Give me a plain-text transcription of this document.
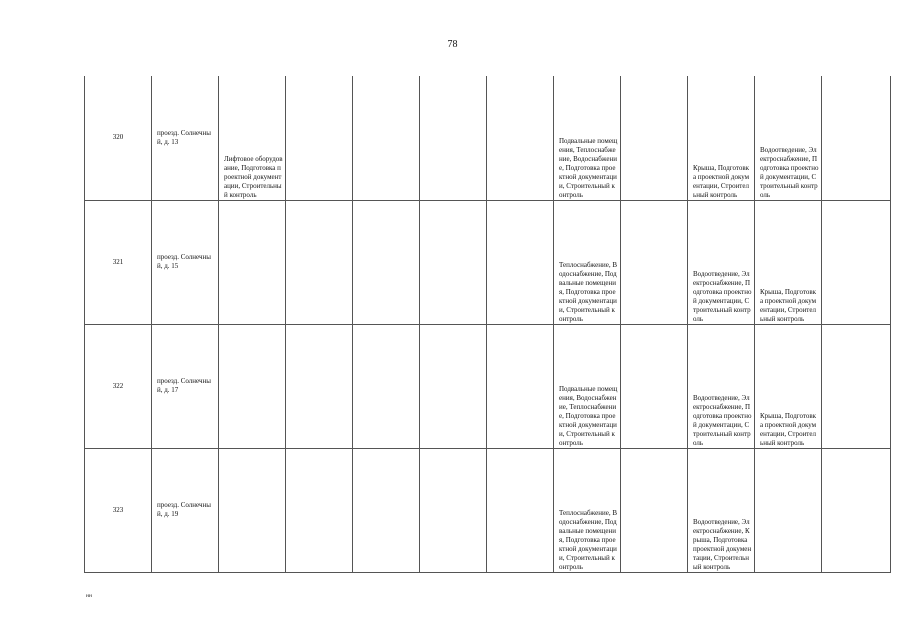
78
320	проезд. Солнечный, д. 13	Лифтовое оборудование, Подготовка проектной документации, Строительный контроль					Подвальные помещения, Теплоснабжение, Водоснабжение, Подготовка проектной документации, Строительный контроль		Крыша, Подготовка проектной документации, Строительный контроль	Водоотведение, Электроснабжение, Подготовка проектной документации, Строительный контроль	
321	проезд. Солнечный, д. 15						Теплоснабжение, Водоснабжение, Подвальные помещения, Подготовка проектной документации, Строительный контроль		Водоотведение, Электроснабжение, Подготовка проектной документации, Строительный контроль	Крыша, Подготовка проектной документации, Строительный контроль	
322	проезд. Солнечный, д. 17						Подвальные помещения, Водоснабжение, Теплоснабжение, Подготовка проектной документации, Строительный контроль		Водоотведение, Электроснабжение, Подготовка проектной документации, Строительный контроль	Крыша, Подготовка проектной документации, Строительный контроль	
323	проезд. Солнечный, д. 19						Теплоснабжение, Водоснабжение, Подвальные помещения, Подготовка проектной документации, Строительный контроль		Водоотведение, Электроснабжение, Крыша, Подготовка проектной документации, Строительный контроль		
нн
